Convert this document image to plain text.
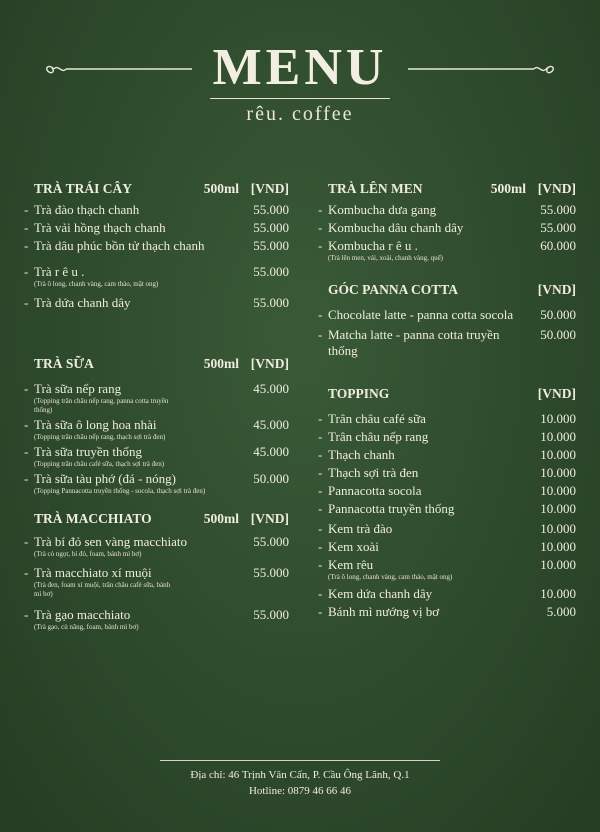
MENU
rêu. coffee
TRÀ TRÁI CÂY	500ml [VND]
- Trà đào thạch chanh	55.000
- Trà vải hồng thạch chanh	55.000
- Trà dâu phúc bồn tử thạch chanh	55.000
- Trà r ê u .	55.000
(Trà ô long, chanh vàng, cam thảo, mật ong)
- Trà dứa chanh dây	55.000
TRÀ SỮA	500ml [VND]
- Trà sữa nếp rang	45.000
(Topping trân châu nếp rang, panna cotta truyền thống)
- Trà sữa ô long hoa nhài	45.000
(Topping trân châu nếp rang, thạch sợi trà đen)
- Trà sữa truyền thống	45.000
(Topping trân châu café sữa, thạch sợi trà đen)
- Trà sữa tàu phớ (đá - nóng)	50.000
(Topping Pannacotta truyền thống - socola, thạch sợi trà đen)
TRÀ MACCHIATO	500ml [VND]
- Trà bí đỏ sen vàng macchiato	55.000
(Trà cỏ ngọt, bí đỏ, foam, bánh mì bơ)
- Trà macchiato xí muội	55.000
(Trà đen, foam xí muội, trân châu café sữa, bánh mì bơ)
- Trà gạo macchiato	55.000
(Trà gạo, củ năng, foam, bánh mì bơ)
TRÀ LÊN MEN	500ml [VND]
- Kombucha dưa gang	55.000
- Kombucha dâu chanh dây	55.000
- Kombucha r ê u .	60.000
(Trà lên men, vải, xoài, chanh vàng, quế)
GÓC PANNA COTTA	[VND]
- Chocolate latte - panna cotta socola	50.000
- Matcha latte - panna cotta truyền thống
50.000
TOPPING	[VND]
- Trân châu café sữa	10.000
- Trân châu nếp rang	10.000
- Thạch chanh	10.000
- Thạch sợi trà đen	10.000
- Pannacotta socola	10.000
- Pannacotta truyền thống	10.000
- Kem trà đào	10.000
- Kem xoài	10.000
- Kem rêu	10.000
(Trà ô long, chanh vàng, cam thảo, mật ong)
- Kem dứa chanh dây	10.000
- Bánh mì nướng vị bơ	5.000
Địa chỉ: 46 Trịnh Văn Cấn, P. Cầu Ông Lãnh, Q.1
Hotline: 0879 46 66 46
